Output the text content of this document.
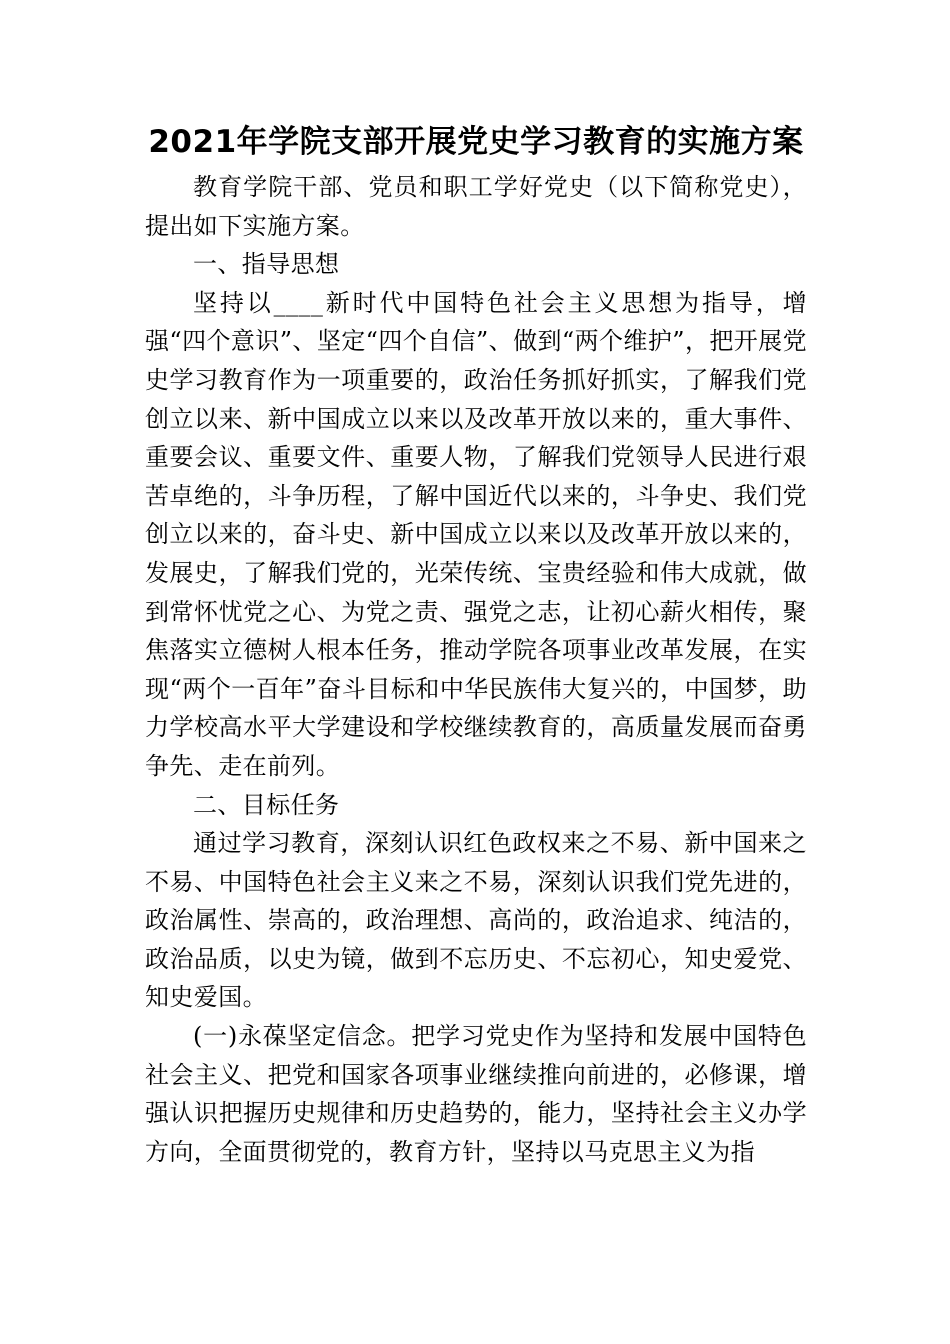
2021年学院支部开展党史学习教育的实施方案

教育学院干部、党员和职工学好党史（以下简称党史），提出如下实施方案。

一、指导思想

坚持以____新时代中国特色社会主义思想为指导，增强“四个意识”、坚定“四个自信”、做到“两个维护”，把开展党史学习教育作为一项重要的，政治任务抓好抓实，了解我们党创立以来、新中国成立以来以及改革开放以来的，重大事件、重要会议、重要文件、重要人物，了解我们党领导人民进行艰苦卓绝的，斗争历程，了解中国近代以来的，斗争史、我们党创立以来的，奋斗史、新中国成立以来以及改革开放以来的，发展史，了解我们党的，光荣传统、宝贵经验和伟大成就，做到常怀忧党之心、为党之责、强党之志，让初心薪火相传，聚焦落实立德树人根本任务，推动学院各项事业改革发展，在实现“两个一百年”奋斗目标和中华民族伟大复兴的，中国梦，助力学校高水平大学建设和学校继续教育的，高质量发展而奋勇争先、走在前列。

二、目标任务

通过学习教育，深刻认识红色政权来之不易、新中国来之不易、中国特色社会主义来之不易，深刻认识我们党先进的，政治属性、崇高的，政治理想、高尚的，政治追求、纯洁的，政治品质，以史为镜，做到不忘历史、不忘初心，知史爱党、知史爱国。

(一)永葆坚定信念。把学习党史作为坚持和发展中国特色社会主义、把党和国家各项事业继续推向前进的，必修课，增强认识把握历史规律和历史趋势的，能力，坚持社会主义办学方向，全面贯彻党的，教育方针，坚持以马克思主义为指
